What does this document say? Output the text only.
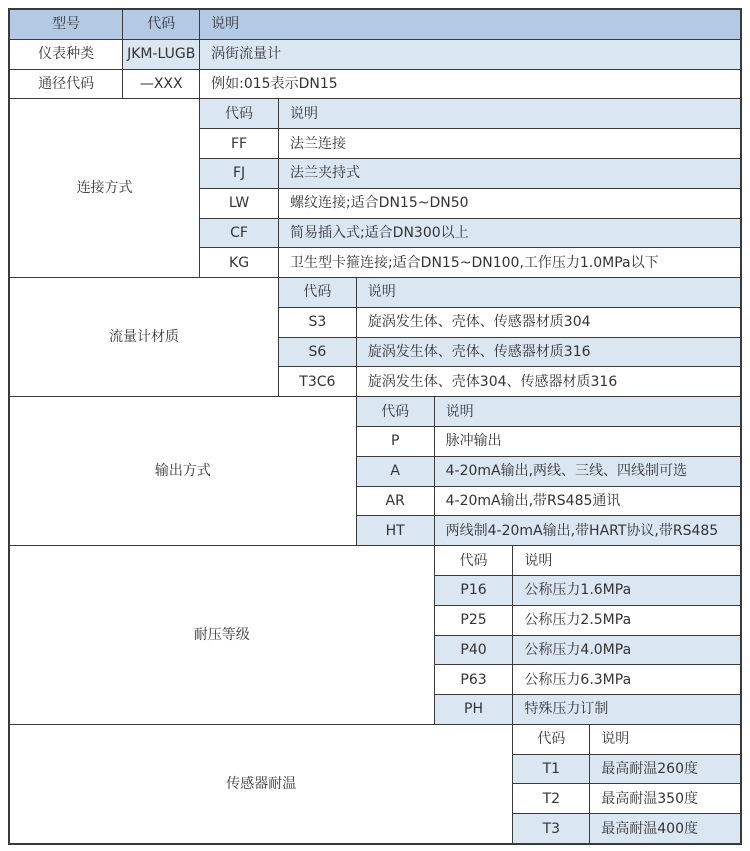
型号	代码	说明
仪表种类	JKM-LUGB	涡街流量计
通径代码	—XXX	例如:015表示DN15
连接方式
代码	说明
FF	法兰连接
FJ	法兰夹持式
LW	螺纹连接;适合DN15~DN50
CF	简易插入式;适合DN300以上
KG	卫生型卡箍连接;适合DN15~DN100,工作压力1.0MPa以下
流量计材质
代码	说明
S3	旋涡发生体、壳体、传感器材质304
S6	旋涡发生体、壳体、传感器材质316
T3C6	旋涡发生体、壳体304、传感器材质316
输出方式
代码	说明
P	脉冲输出
A	4-20mA输出,两线、三线、四线制可选
AR	4-20mA输出,带RS485通讯
HT	两线制4-20mA输出,带HART协议,带RS485
耐压等级
代码	说明
P16	公称压力1.6MPa
P25	公称压力2.5MPa
P40	公称压力4.0MPa
P63	公称压力6.3MPa
PH	特殊压力订制
传感器耐温
代码	说明
T1	最高耐温260度
T2	最高耐温350度
T3	最高耐温400度
